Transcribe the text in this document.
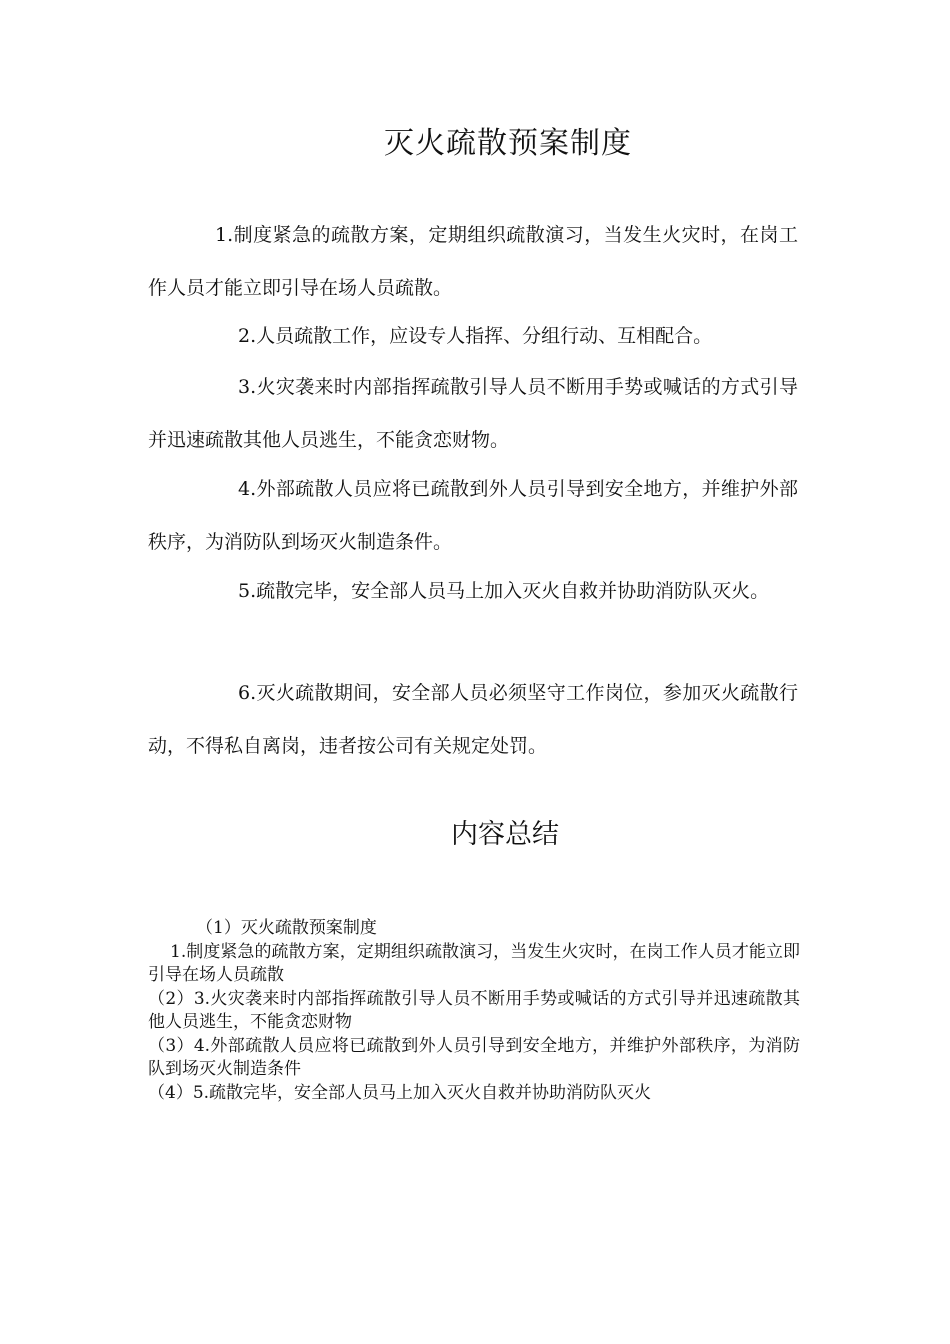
灭火疏散预案制度

1.制度紧急的疏散方案，定期组织疏散演习，当发生火灾时，在岗工作人员才能立即引导在场人员疏散。

2.人员疏散工作，应设专人指挥、分组行动、互相配合。

3.火灾袭来时内部指挥疏散引导人员不断用手势或喊话的方式引导并迅速疏散其他人员逃生，不能贪恋财物。

4.外部疏散人员应将已疏散到外人员引导到安全地方，并维护外部秩序，为消防队到场灭火制造条件。

5.疏散完毕，安全部人员马上加入灭火自救并协助消防队灭火。

6.灭火疏散期间，安全部人员必须坚守工作岗位，参加灭火疏散行动，不得私自离岗，违者按公司有关规定处罚。

内容总结

（1）灭火疏散预案制度

1.制度紧急的疏散方案，定期组织疏散演习，当发生火灾时，在岗工作人员才能立即引导在场人员疏散

（2）3.火灾袭来时内部指挥疏散引导人员不断用手势或喊话的方式引导并迅速疏散其他人员逃生，不能贪恋财物

（3）4.外部疏散人员应将已疏散到外人员引导到安全地方，并维护外部秩序，为消防队到场灭火制造条件

（4）5.疏散完毕，安全部人员马上加入灭火自救并协助消防队灭火
